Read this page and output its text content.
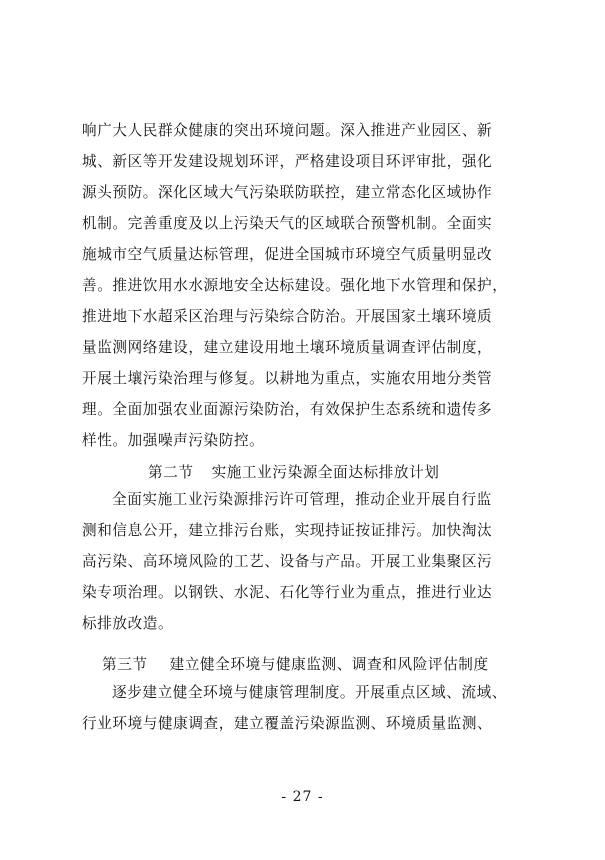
响广大人民群众健康的突出环境问题。深入推进产业园区、新
城、新区等开发建设规划环评，严格建设项目环评审批，强化
源头预防。深化区域大气污染联防联控，建立常态化区域协作
机制。完善重度及以上污染天气的区域联合预警机制。全面实
施城市空气质量达标管理，促进全国城市环境空气质量明显改
善。推进饮用水水源地安全达标建设。强化地下水管理和保护，
推进地下水超采区治理与污染综合防治。开展国家土壤环境质
量监测网络建设，建立建设用地土壤环境质量调查评估制度，
开展土壤污染治理与修复。以耕地为重点，实施农用地分类管
理。全面加强农业面源污染防治，有效保护生态系统和遗传多
样性。加强噪声污染防控。
第二节 实施工业污染源全面达标排放计划
全面实施工业污染源排污许可管理，推动企业开展自行监
测和信息公开，建立排污台账，实现持证按证排污。加快淘汰
高污染、高环境风险的工艺、设备与产品。开展工业集聚区污
染专项治理。以钢铁、水泥、石化等行业为重点，推进行业达
标排放改造。
第三节 建立健全环境与健康监测、调查和风险评估制度
逐步建立健全环境与健康管理制度。开展重点区域、流域、
行业环境与健康调查，建立覆盖污染源监测、环境质量监测、
- 27 -
